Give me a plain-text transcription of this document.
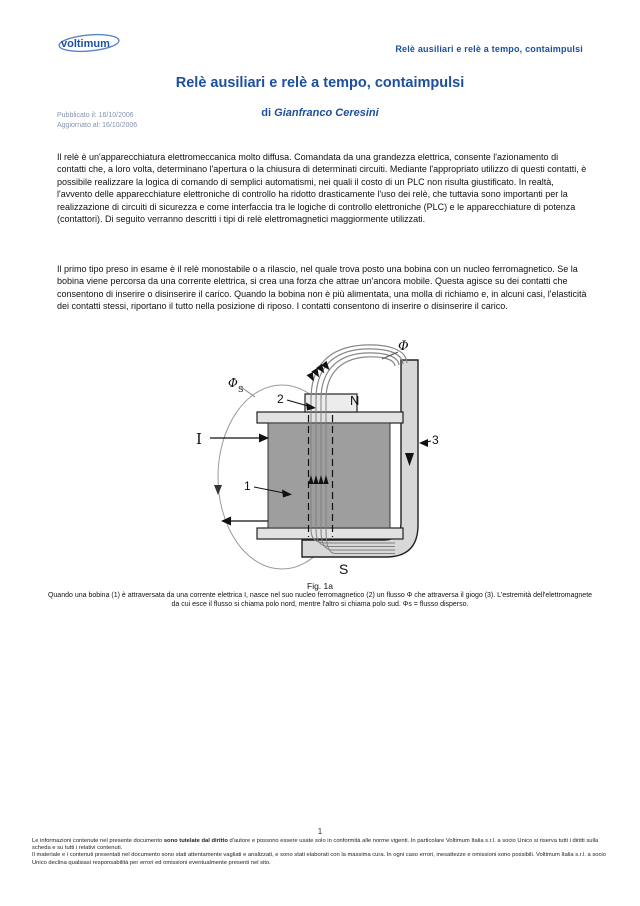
voltimum	Relè ausiliari e relè a tempo, contaimpulsi
Relè ausiliari e relè a tempo, contaimpulsi
Pubblicato il: 16/10/2006
Aggiornato al: 16/10/2006
di Gianfranco Ceresini
Il relè è un'apparecchiatura elettromeccanica molto diffusa. Comandata da una grandezza elettrica, consente l'azionamento di contatti che, a loro volta, determinano l'apertura o la chiusura di determinati circuiti. Mediante l'appropriato utilizzo di questi contatti, è possibile realizzare la logica di comando di semplici automatismi, nei quali il costo di un PLC non risulta giustificato. In realtà, l'avvento delle apparecchiature elettroniche di controllo ha ridotto drasticamente l'uso dei relè, che tuttavia sono importanti per la realizzazione di circuiti di sicurezza e come interfaccia tra le logiche di controllo elettroniche (PLC) e le apparecchiature di potenza (contattori). Di seguito verranno descritti i tipi di relè elettromagnetici maggiormente utilizzati.
Il primo tipo preso in esame è il relè monostabile o a rilascio, nel quale trova posto una bobina con un nucleo ferromagnetico. Se la bobina viene percorsa da una corrente elettrica, si crea una forza che attrae un'ancora mobile. Questa agisce su dei contatti che consentono di inserire o disinserire il carico. Quando la bobina non è più alimentata, una molla di richiamo e, in alcuni casi, l'elasticità dei contatti stessi, riportano il tutto nella posizione di riposo. I contatti consentono di inserire o disinserire il carico.
I
1
2
3
N
S
Φ
Φ S
Fig. 1a
Quando una bobina (1) è attraversata da una corrente elettrica I, nasce nel suo nucleo ferromagnetico (2) un flusso Φ che attraversa il giogo (3). L'estremità dell'elettromagnete da cui esce il flusso si chiama polo nord, mentre l'altro si chiama polo sud. Φs = flusso disperso.
1
Le informazioni contenute nel presente documento sono tutelate dal diritto d'autore e possono essere usate solo in conformità alle norme vigenti. In particolare Voltimum Italia s.r.l. a socio Unico si riserva tutti i diritti sulla scheda e su tutti i relativi contenuti.
Il materiale e i contenuti presentati nel documento sono stati attentamente vagliati e analizzati, e sono stati elaborati con la massima cura. In ogni caso errori, inesattezze e omissioni sono possibili. Voltimum Italia s.r.l. a socio Unico declina qualsiasi responsabilità per errori ed omissioni eventualmente presenti nel sito.
